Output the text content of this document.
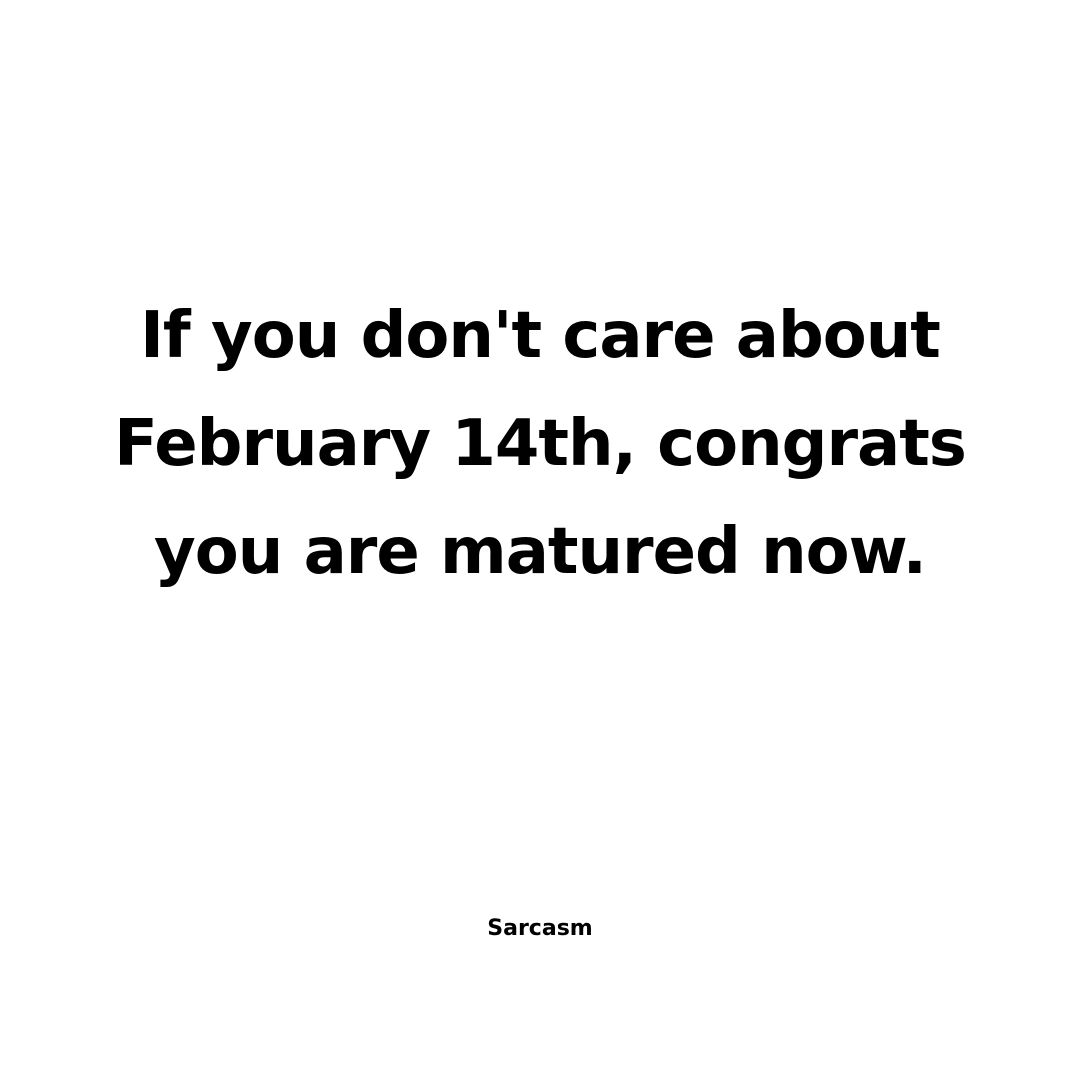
If you don't care about
February 14th, congrats
you are matured now.
Sarcasm
